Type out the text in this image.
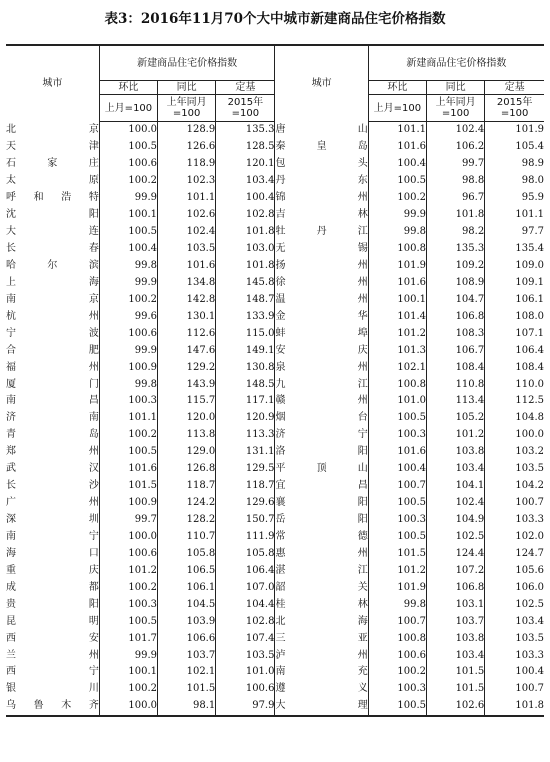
表3：2016年11月70个大中城市新建商品住宅价格指数
城市	新建商品住宅价格指数			城市	新建商品住宅价格指数		
	环比	同比	定基		环比	同比	定基
	上月=100	上年同月=100	2015年=100		上月=100	上年同月=100	2015年=100
北　京	100.0	128.9	135.3	唐　山	101.1	102.4	101.9
天　津	100.5	126.6	128.5	秦皇岛	101.6	106.2	105.4
石家庄	100.6	118.9	120.1	包　头	100.4	99.7	98.9
太　原	100.2	102.3	103.4	丹　东	100.5	98.8	98.0
呼和浩特	99.9	101.1	100.4	锦　州	100.2	96.7	95.9
沈　阳	100.1	102.6	102.8	吉　林	99.9	101.8	101.1
大　连	100.5	102.4	101.8	牡丹江	99.8	98.2	97.7
长　春	100.4	103.5	103.0	无　锡	100.8	135.3	135.4
哈尔滨	99.8	101.6	101.8	扬　州	101.9	109.2	109.0
上　海	99.9	134.8	145.8	徐　州	101.6	108.9	109.1
南　京	100.2	142.8	148.7	温　州	100.1	104.7	106.1
杭　州	99.6	130.1	133.9	金　华	101.4	106.8	108.0
宁　波	100.6	112.6	115.0	蚌　埠	101.2	108.3	107.1
合　肥	99.9	147.6	149.1	安　庆	101.3	106.7	106.4
福　州	100.9	129.2	130.8	泉　州	102.1	108.4	108.4
厦　门	99.8	143.9	148.5	九　江	100.8	110.8	110.0
南　昌	100.3	115.7	117.1	赣　州	101.0	113.4	112.5
济　南	101.1	120.0	120.9	烟　台	100.5	105.2	104.8
青　岛	100.2	113.8	113.3	济　宁	100.3	101.2	100.0
郑　州	100.5	129.0	131.1	洛　阳	101.6	103.8	103.2
武　汉	101.6	126.8	129.5	平顶山	100.4	103.4	103.5
长　沙	101.5	118.7	118.7	宜　昌	100.7	104.1	104.2
广　州	100.9	124.2	129.6	襄　阳	100.5	102.4	100.7
深　圳	99.7	128.2	150.7	岳　阳	100.3	104.9	103.3
南　宁	100.0	110.7	111.9	常　德	100.5	102.5	102.0
海　口	100.6	105.8	105.8	惠　州	101.5	124.4	124.7
重　庆	101.2	106.5	106.4	湛　江	101.2	107.2	105.6
成　都	100.2	106.1	107.0	韶　关	101.9	106.8	106.0
贵　阳	100.3	104.5	104.4	桂　林	99.8	103.1	102.5
昆　明	100.5	103.9	102.8	北　海	100.7	103.7	103.4
西　安	101.7	106.6	107.4	三　亚	100.8	103.8	103.5
兰　州	99.9	103.7	103.5	泸　州	100.6	103.4	103.3
西　宁	100.1	102.1	101.0	南　充	100.2	101.5	100.4
银　川	100.2	101.5	100.6	遵　义	100.3	101.5	100.7
乌鲁木齐	100.0	98.1	97.9	大　理	100.5	102.6	101.8
